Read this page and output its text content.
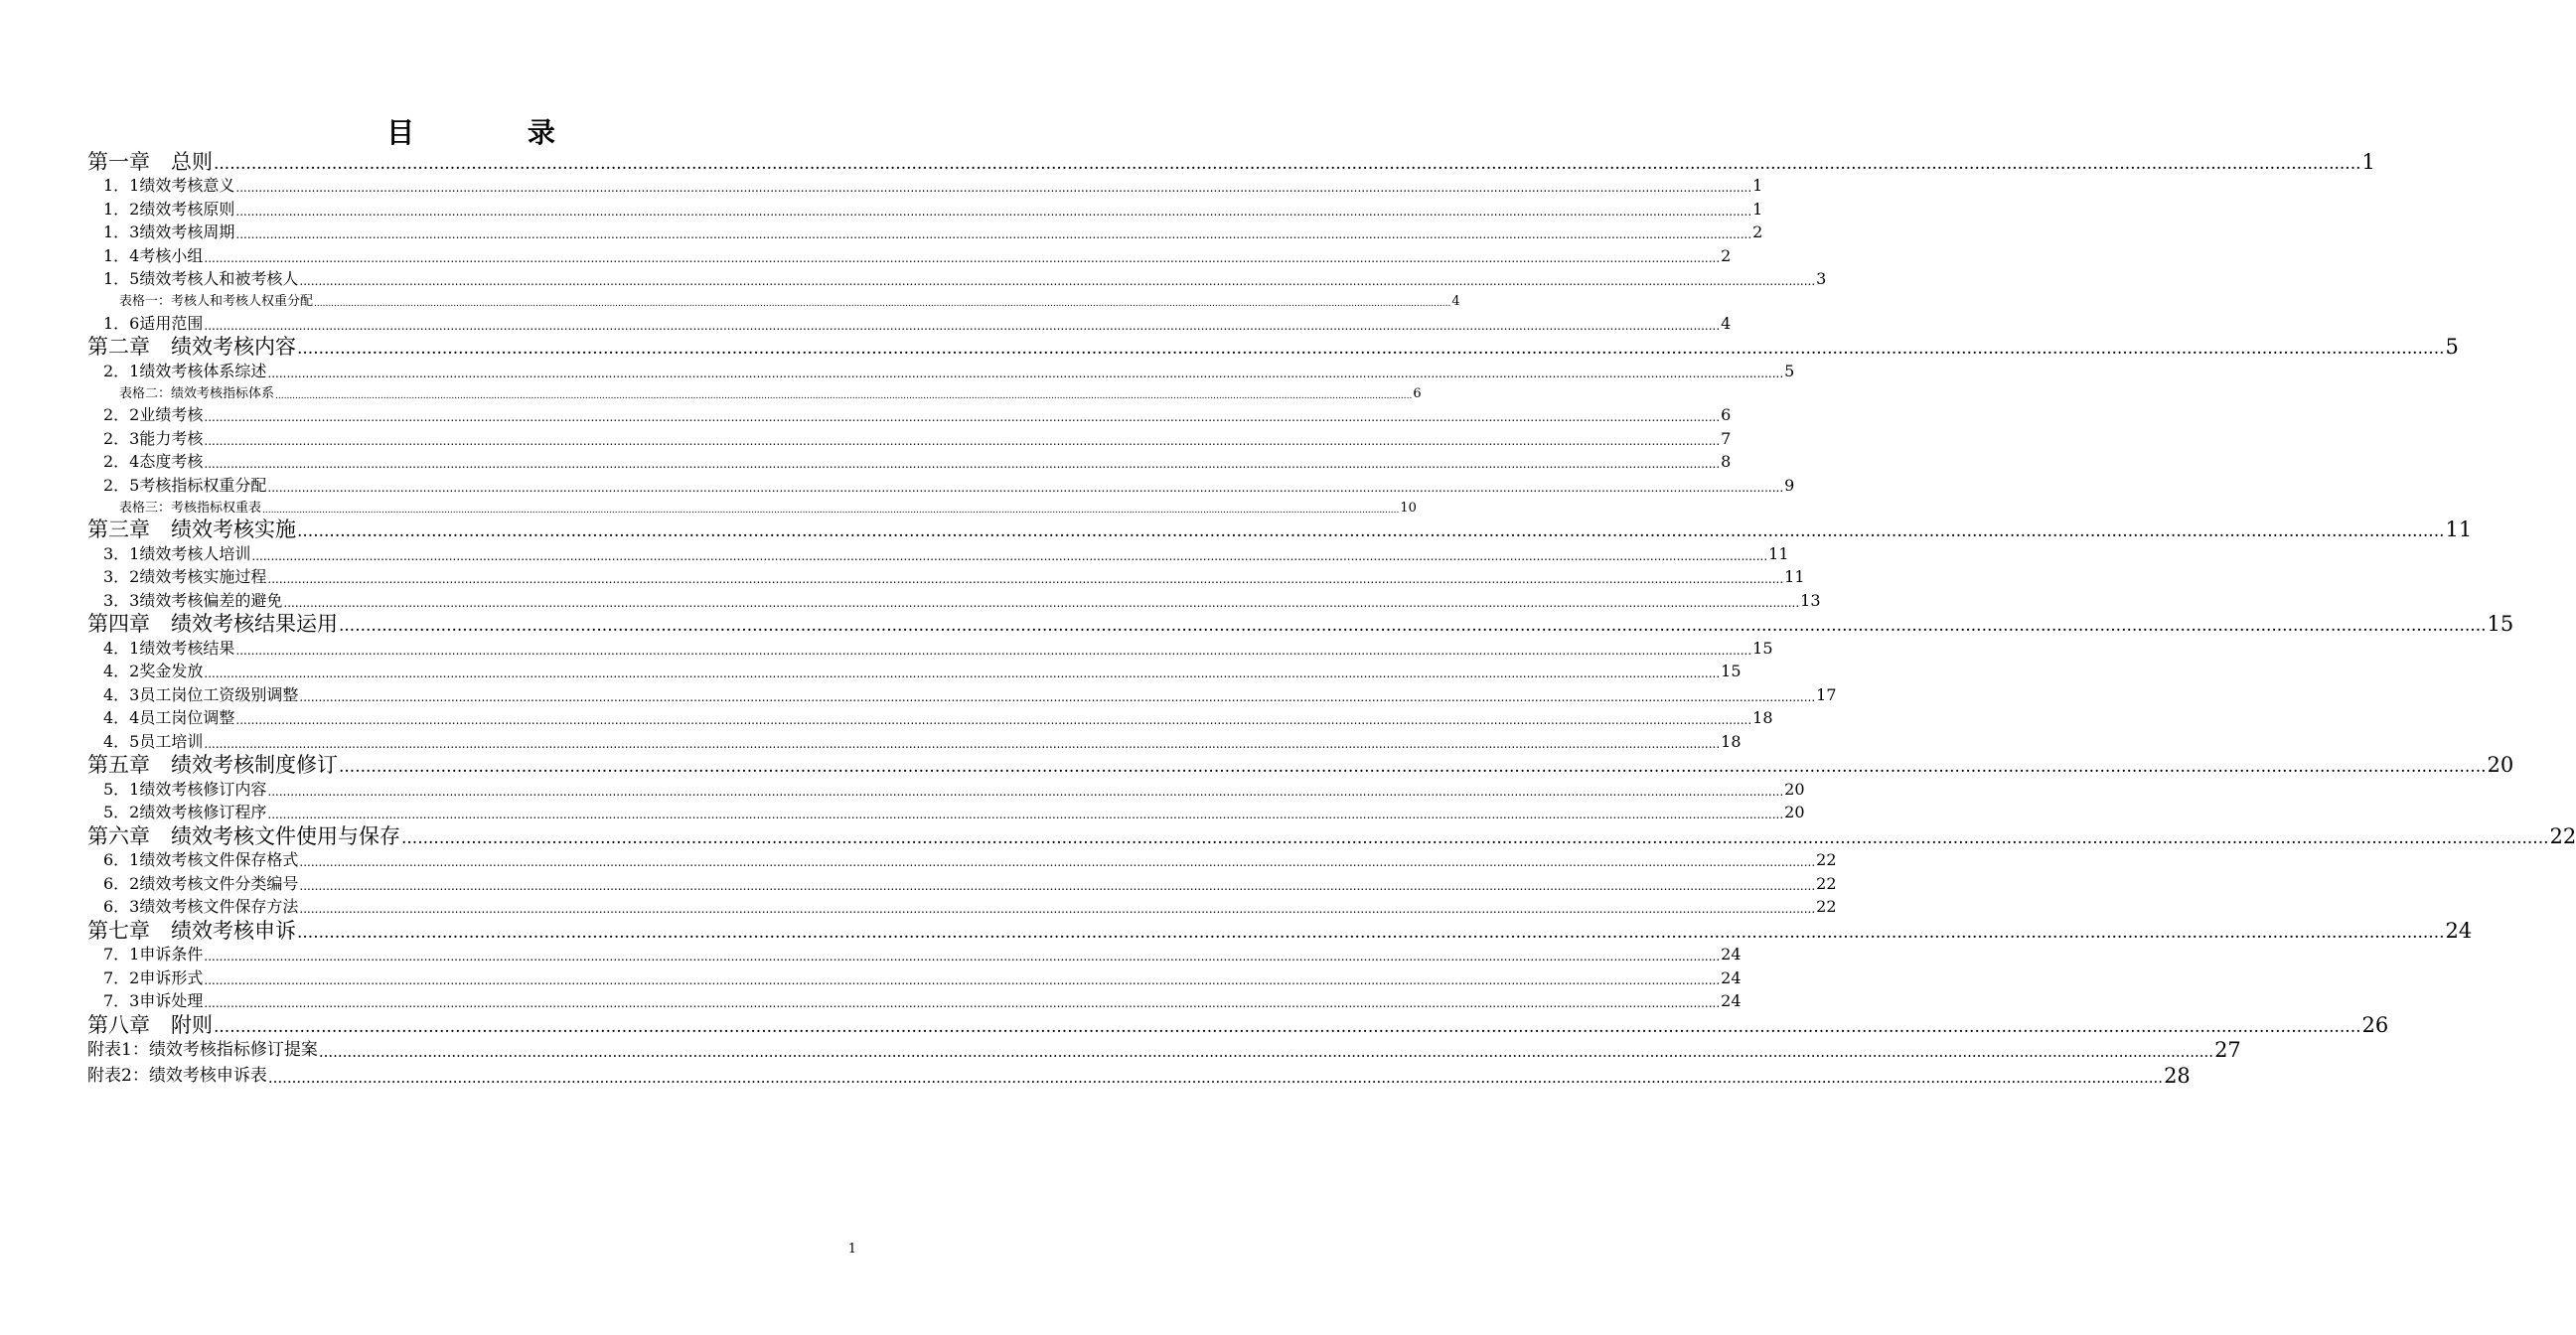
目 录
第一章　总则 ................................................................................................................................................................................................................................................................................................................................................................................................................ 1
1．1绩效考核意义 ................................................................................................................................................................................................................................................................................................................................................................................................................ 1
1．2绩效考核原则 ................................................................................................................................................................................................................................................................................................................................................................................................................ 1
1．3绩效考核周期 ................................................................................................................................................................................................................................................................................................................................................................................................................ 2
1．4考核小组 ................................................................................................................................................................................................................................................................................................................................................................................................................ 2
1．5绩效考核人和被考核人 ................................................................................................................................................................................................................................................................................................................................................................................................................ 3
表格一：考核人和考核人权重分配 ................................................................................................................................................................................................................................................................................................................................................................................................................ 4
1．6适用范围 ................................................................................................................................................................................................................................................................................................................................................................................................................ 4
第二章　绩效考核内容 ................................................................................................................................................................................................................................................................................................................................................................................................................ 5
2．1绩效考核体系综述 ................................................................................................................................................................................................................................................................................................................................................................................................................ 5
表格二：绩效考核指标体系 ................................................................................................................................................................................................................................................................................................................................................................................................................ 6
2．2业绩考核 ................................................................................................................................................................................................................................................................................................................................................................................................................ 6
2．3能力考核 ................................................................................................................................................................................................................................................................................................................................................................................................................ 7
2．4态度考核 ................................................................................................................................................................................................................................................................................................................................................................................................................ 8
2．5考核指标权重分配 ................................................................................................................................................................................................................................................................................................................................................................................................................ 9
表格三：考核指标权重表 ................................................................................................................................................................................................................................................................................................................................................................................................................ 10
第三章　绩效考核实施 ................................................................................................................................................................................................................................................................................................................................................................................................................ 11
3．1绩效考核人培训 ................................................................................................................................................................................................................................................................................................................................................................................................................ 11
3．2绩效考核实施过程 ................................................................................................................................................................................................................................................................................................................................................................................................................ 11
3．3绩效考核偏差的避免 ................................................................................................................................................................................................................................................................................................................................................................................................................ 13
第四章　绩效考核结果运用 ................................................................................................................................................................................................................................................................................................................................................................................................................ 15
4．1绩效考核结果 ................................................................................................................................................................................................................................................................................................................................................................................................................ 15
4．2奖金发放 ................................................................................................................................................................................................................................................................................................................................................................................................................ 15
4．3员工岗位工资级别调整 ................................................................................................................................................................................................................................................................................................................................................................................................................ 17
4．4员工岗位调整 ................................................................................................................................................................................................................................................................................................................................................................................................................ 18
4．5员工培训 ................................................................................................................................................................................................................................................................................................................................................................................................................ 18
第五章　绩效考核制度修订 ................................................................................................................................................................................................................................................................................................................................................................................................................ 20
5．1绩效考核修订内容 ................................................................................................................................................................................................................................................................................................................................................................................................................ 20
5．2绩效考核修订程序 ................................................................................................................................................................................................................................................................................................................................................................................................................ 20
第六章　绩效考核文件使用与保存 ................................................................................................................................................................................................................................................................................................................................................................................................................ 22
6．1绩效考核文件保存格式 ................................................................................................................................................................................................................................................................................................................................................................................................................ 22
6．2绩效考核文件分类编号 ................................................................................................................................................................................................................................................................................................................................................................................................................ 22
6．3绩效考核文件保存方法 ................................................................................................................................................................................................................................................................................................................................................................................................................ 22
第七章　绩效考核申诉 ................................................................................................................................................................................................................................................................................................................................................................................................................ 24
7．1申诉条件 ................................................................................................................................................................................................................................................................................................................................................................................................................ 24
7．2申诉形式 ................................................................................................................................................................................................................................................................................................................................................................................................................ 24
7．3申诉处理 ................................................................................................................................................................................................................................................................................................................................................................................................................ 24
第八章　附则 ................................................................................................................................................................................................................................................................................................................................................................................................................ 26
附表1：绩效考核指标修订提案 ................................................................................................................................................................................................................................................................................................................................................................................................................ 27
附表2：绩效考核申诉表 ................................................................................................................................................................................................................................................................................................................................................................................................................ 28
1
